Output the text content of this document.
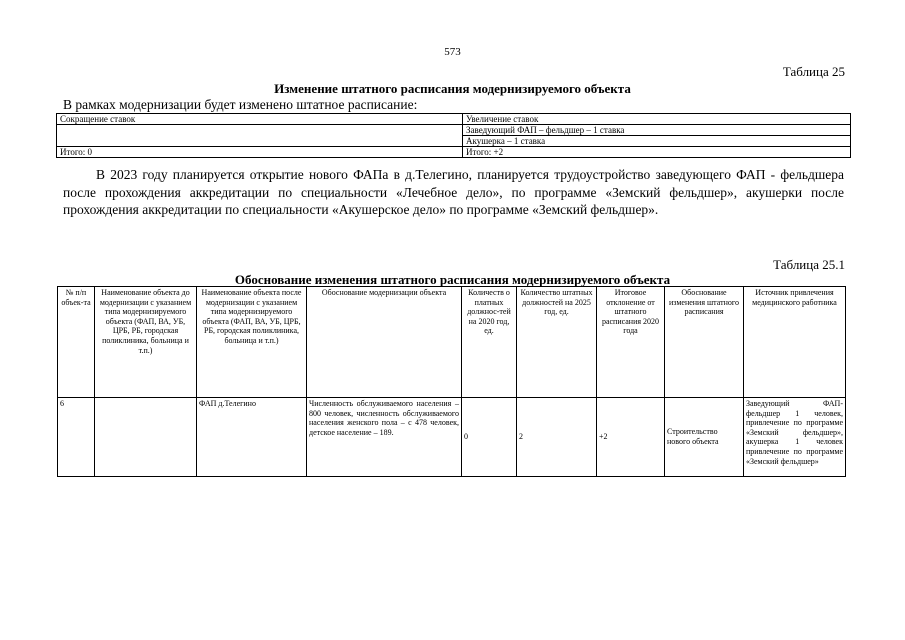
573
Таблица 25
Изменение штатного расписания модернизируемого объекта
В рамках модернизации будет изменено штатное расписание:
Сокращение ставок	Увеличение ставок
	Заведующий ФАП – фельдшер – 1 ставка
	Акушерка – 1 ставка
Итого: 0	Итого: +2
В 2023 году планируется открытие нового ФАПа в д.Телегино, планируется трудоустройство заведующего ФАП - фельдшера после прохождения аккредитации по специальности «Лечебное дело», по программе «Земский фельдшер», акушерки после прохождения аккредитации по специальности «Акушерское дело» по программе «Земский фельдшер».
Таблица 25.1
Обоснование изменения штатного расписания модернизируемого объекта
№ п/п объек-та	Наименование объекта до модернизации с указанием типа модернизируемого объекта (ФАП, ВА, УБ, ЦРБ, РБ, городская поликлиника, больница и т.п.)	Наименование объекта после модернизации с указанием типа модернизируемого объекта (ФАП, ВА, УБ, ЦРБ, РБ, городская поликлиника, больница и т.п.)	Обоснование модернизации объекта	Количеств о платных должнос-тей на 2020 год, ед.	Количество штатных должностей на 2025 год, ед.	Итоговое отклонение от штатного расписания 2020 года	Обоснование изменения штатного расписания	Источник привлечения медицинского работника
6		ФАП д.Телегино	Численность обслуживаемого населения – 800 человек, численность обслуживаемого населения женского пола – с 478 человек, детское население – 189.	0	2	+2	Строительство нового объекта	Заведующий ФАП-фельдшер 1 человек, привлечение по программе «Земский фельдшер», акушерка 1 человек привлечение по программе «Земский фельдшер»
